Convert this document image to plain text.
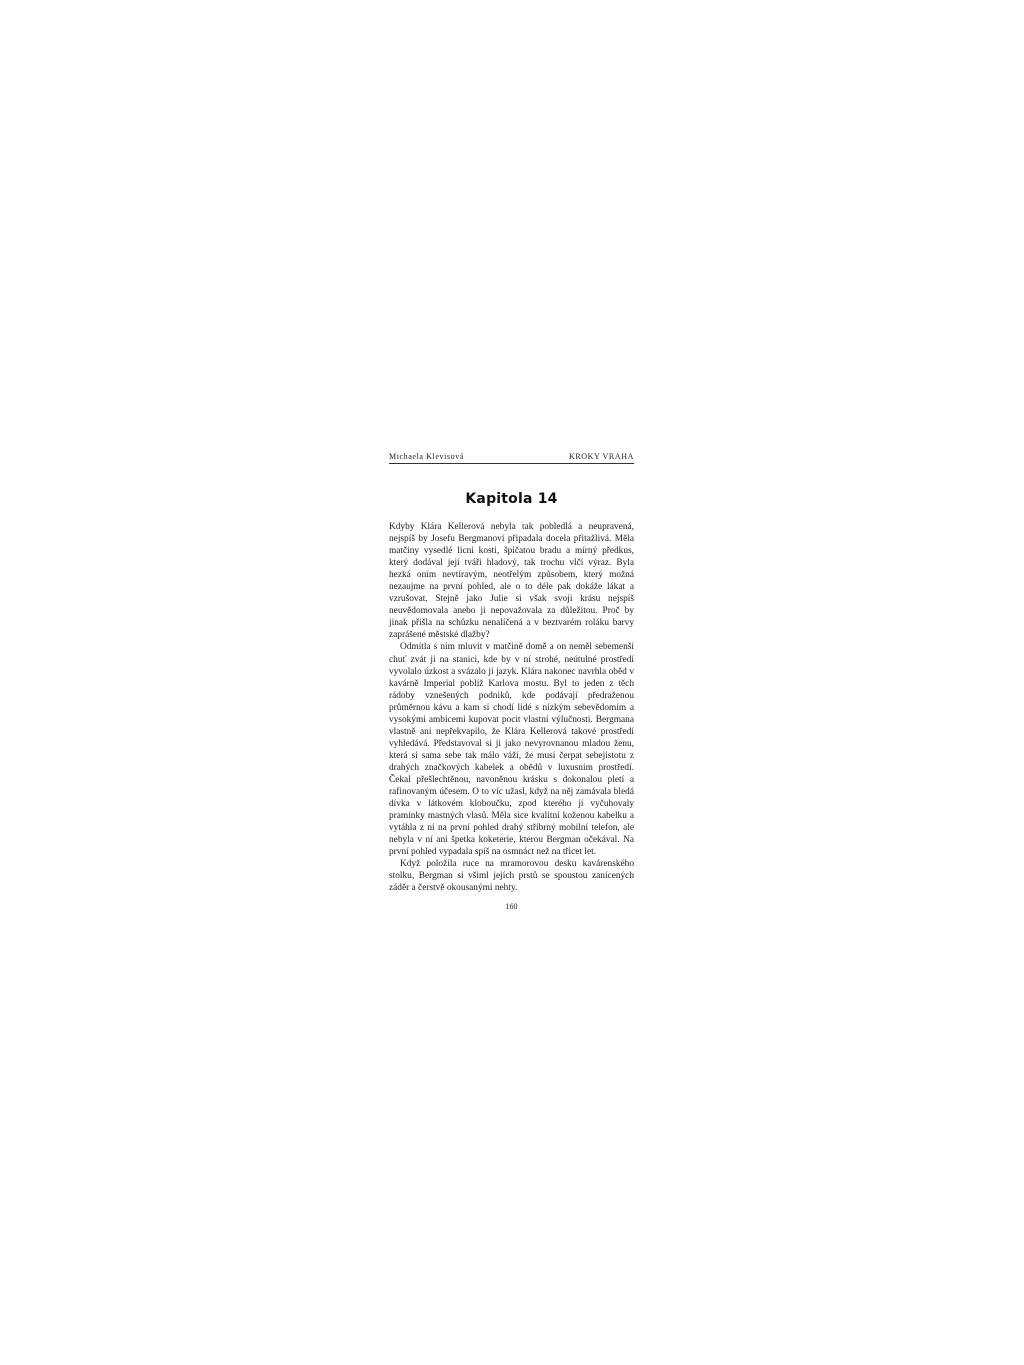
Michaela Klevisová	KROKY VRAHA
Kapitola 14

Kdyby Klára Kellerová nebyla tak pobledlá a neupravená, nejspíš by Josefu Bergmanovi připadala docela přitažlivá. Měla matčiny vysedlé lícní kosti, špičatou bradu a mírný předkus, který dodával její tváři hladový, tak trochu vlčí výraz. Byla hezká oním nevtíravým, neotřelým způsobem, který možná nezaujme na první pohled, ale o to déle pak dokáže lákat a vzrušovat. Stejně jako Julie si však svoji krásu nejspíš neuvědomovala anebo ji nepovažovala za důležitou. Proč by jinak přišla na schůzku nenalíčená a v beztvarém roláku barvy zaprášené městské dlažby?

Odmítla s ním mluvit v matčině domě a on neměl sebemenší chuť zvát ji na stanici, kde by v ní strohé, neútulné prostředí vyvolalo úzkost a svázalo jí jazyk. Klára nakonec navrhla oběd v kavárně Imperial poblíž Karlova mostu. Byl to jeden z těch rádoby vznešených podniků, kde podávají předraženou průměrnou kávu a kam si chodí lidé s nízkým sebevědomím a vysokými ambicemi kupovat pocit vlastní výlučnosti. Bergmana vlastně ani nepřekvapilo, že Klára Kellerová takové prostředí vyhledává. Představoval si ji jako nevyrovnanou mladou ženu, která si sama sebe tak málo váží, že musí čerpat sebejistotu z drahých značkových kabelek a obědů v luxusním prostředí. Čekal přešlechtěnou, navoněnou krásku s dokonalou pletí a rafinovaným účesem. O to víc užasl, když na něj zamávala bledá dívka v látkovém kloboučku, zpod kterého jí vyčuhovaly pramínky mastných vlasů. Měla sice kvalitní koženou kabelku a vytáhla z ní na první pohled drahý stříbrný mobilní telefon, ale nebyla v ní ani špetka koketerie, kterou Bergman očekával. Na první pohled vypadala spíš na osmnáct než na třicet let.

Když položila ruce na mramorovou desku kavárenského stolku, Bergman si všiml jejích prstů se spoustou zanícených záděr a čerstvě okousanými nehty.

160
